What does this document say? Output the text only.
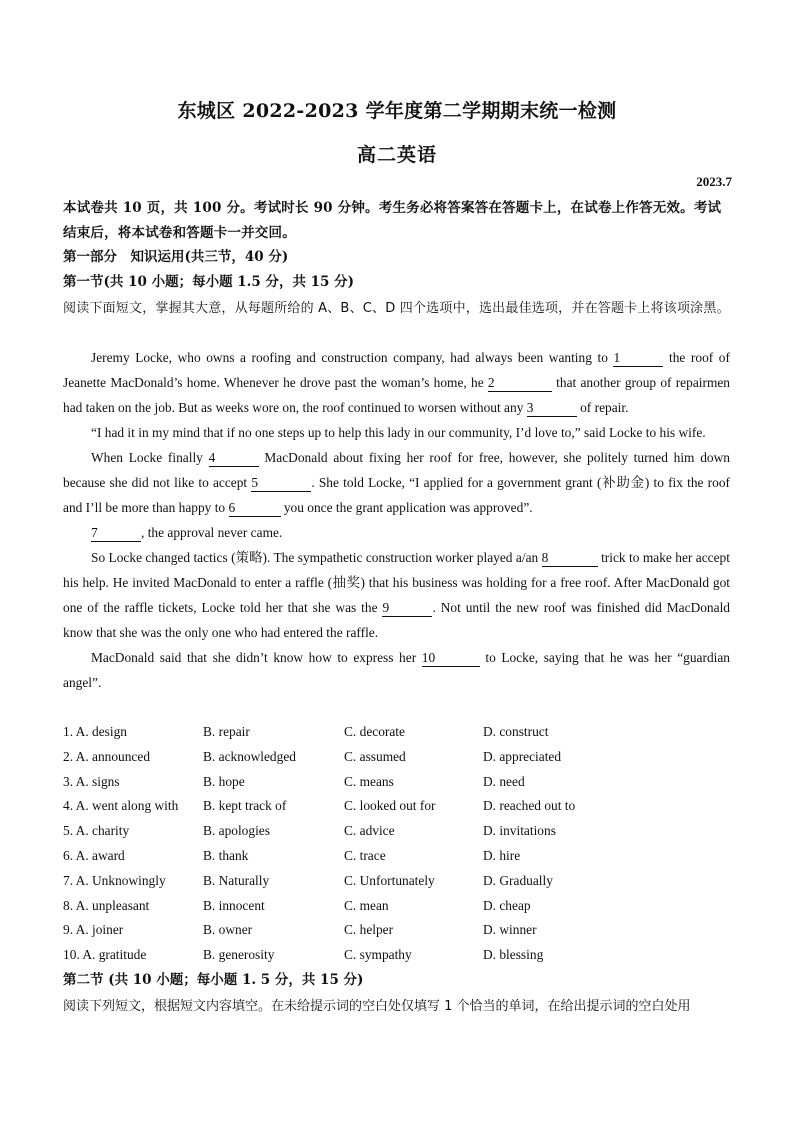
东城区 2022-2023 学年度第二学期期末统一检测
高二英语
2023.7
本试卷共 10 页，共 100 分。考试时长 90 分钟。考生务必将答案答在答题卡上，在试卷上作答无效。考试结束后，将本试卷和答题卡一并交回。
第一部分　知识运用(共三节，40 分)
第一节(共 10 小题；每小题 1.5 分，共 15 分)
阅读下面短文，掌握其大意，从每题所给的 A、B、C、D 四个选项中，选出最佳选项，并在答题卡上将该项涂黑。

Jeremy Locke, who owns a roofing and construction company, had always been wanting to 1	the roof of Jeanette MacDonald’s home. Whenever he drove past the woman’s home, he 2	that another group of repairmen had taken on the job. But as weeks wore on, the roof continued to worsen without any 3	of repair.

“I had it in my mind that if no one steps up to help this lady in our community, I’d love to,” said Locke to his wife.

When Locke finally 4	MacDonald about fixing her roof for free, however, she politely turned him down because she did not like to accept 5	. She told Locke, “I applied for a government grant (补助金) to fix the roof and I’ll be more than happy to 6	you once the grant application was approved”.

7	, the approval never came.

So Locke changed tactics (策略). The sympathetic construction worker played a/an 8	trick to make her accept his help. He invited MacDonald to enter a raffle (抽奖) that his business was holding for a free roof. After MacDonald got one of the raffle tickets, Locke told her that she was the 9	. Not until the new roof was finished did MacDonald know that she was the only one who had entered the raffle.

MacDonald said that she didn’t know how to express her 10	to Locke, saying that he was her “guardian angel”.

1. A. design	B. repair	C. decorate	D. construct
2. A. announced	B. acknowledged	C. assumed	D. appreciated
3. A. signs	B. hope	C. means	D. need
4. A. went along with	B. kept track of	C. looked out for	D. reached out to
5. A. charity	B. apologies	C. advice	D. invitations
6. A. award	B. thank	C. trace	D. hire
7. A. Unknowingly	B. Naturally	C. Unfortunately	D. Gradually
8. A. unpleasant	B. innocent	C. mean	D. cheap
9. A. joiner	B. owner	C. helper	D. winner
10. A. gratitude	B. generosity	C. sympathy	D. blessing
第二节 (共 10 小题；每小题 1. 5 分，共 15 分)
阅读下列短文，根据短文内容填空。在未给提示词的空白处仅填写 1 个恰当的单词，在给出提示词的空白处用
